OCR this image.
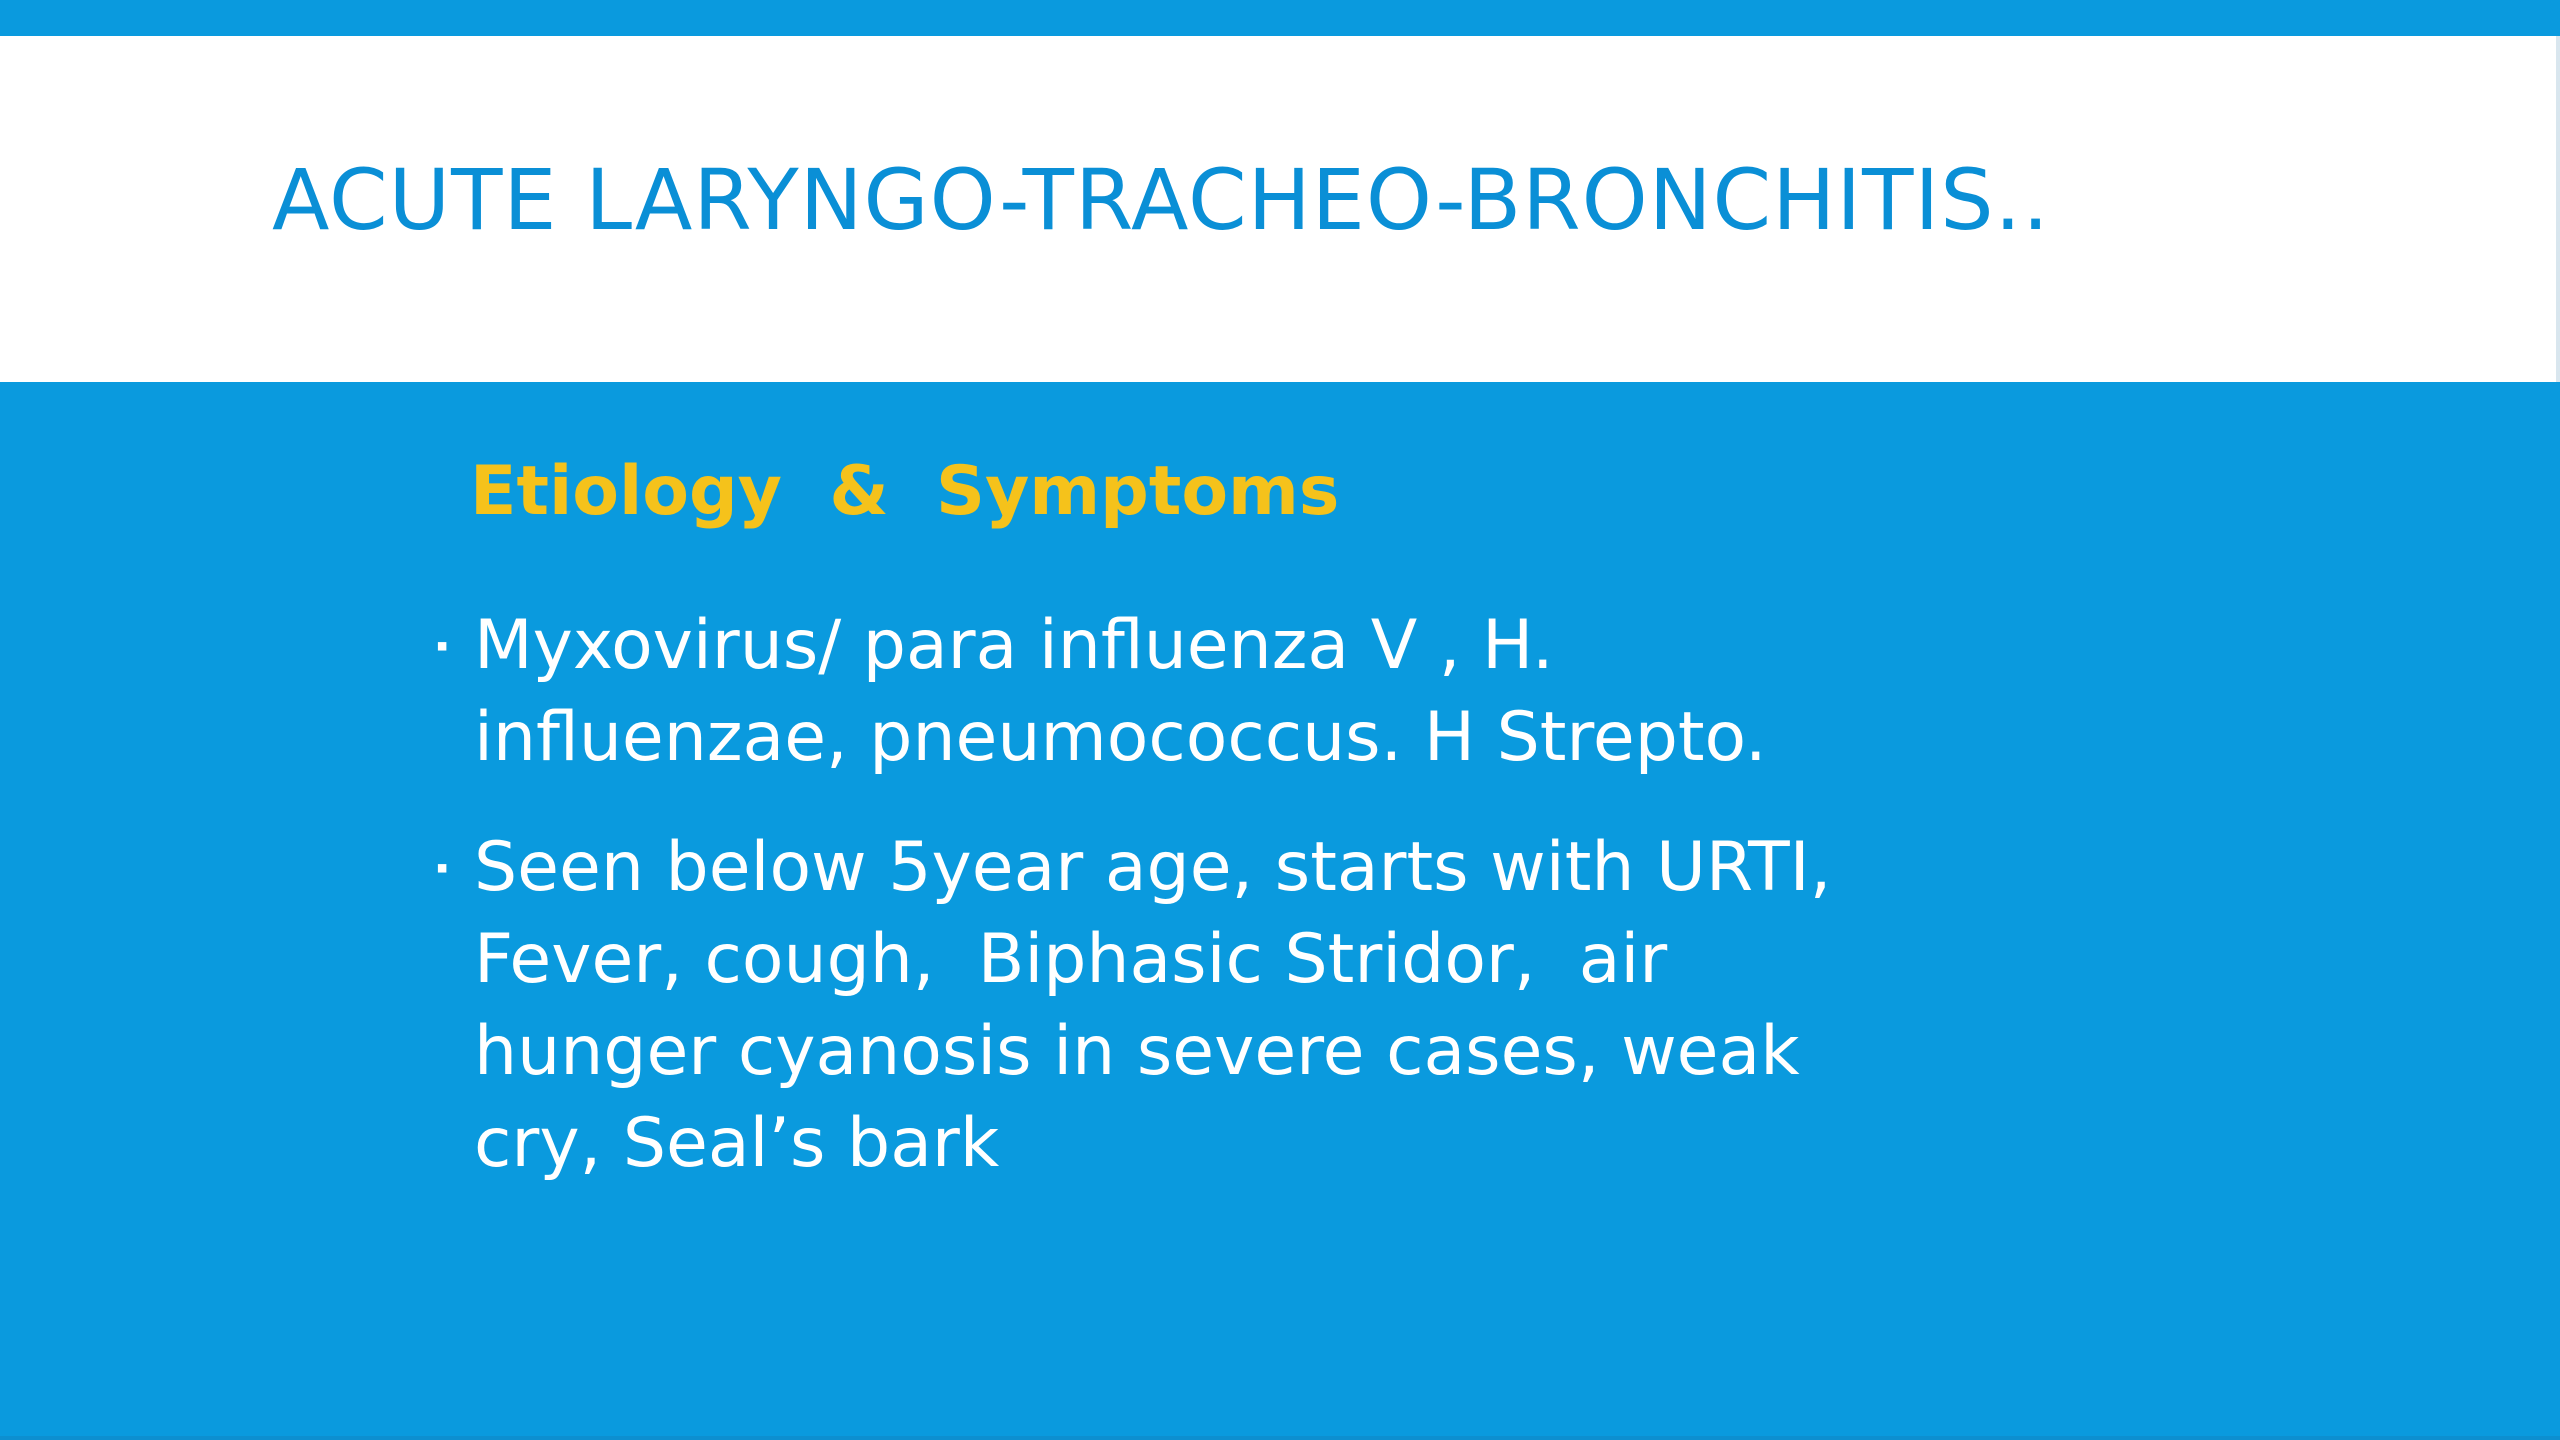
ACUTE LARYNGO-TRACHEO-BRONCHITIS..
Etiology  &  Symptoms
▪ Myxovirus/ para influenza V , H.
influenzae, pneumococcus. H Strepto.
▪ Seen below 5year age, starts with URTI,
Fever, cough,  Biphasic Stridor,  air
hunger cyanosis in severe cases, weak
cry, Seal’s bark
